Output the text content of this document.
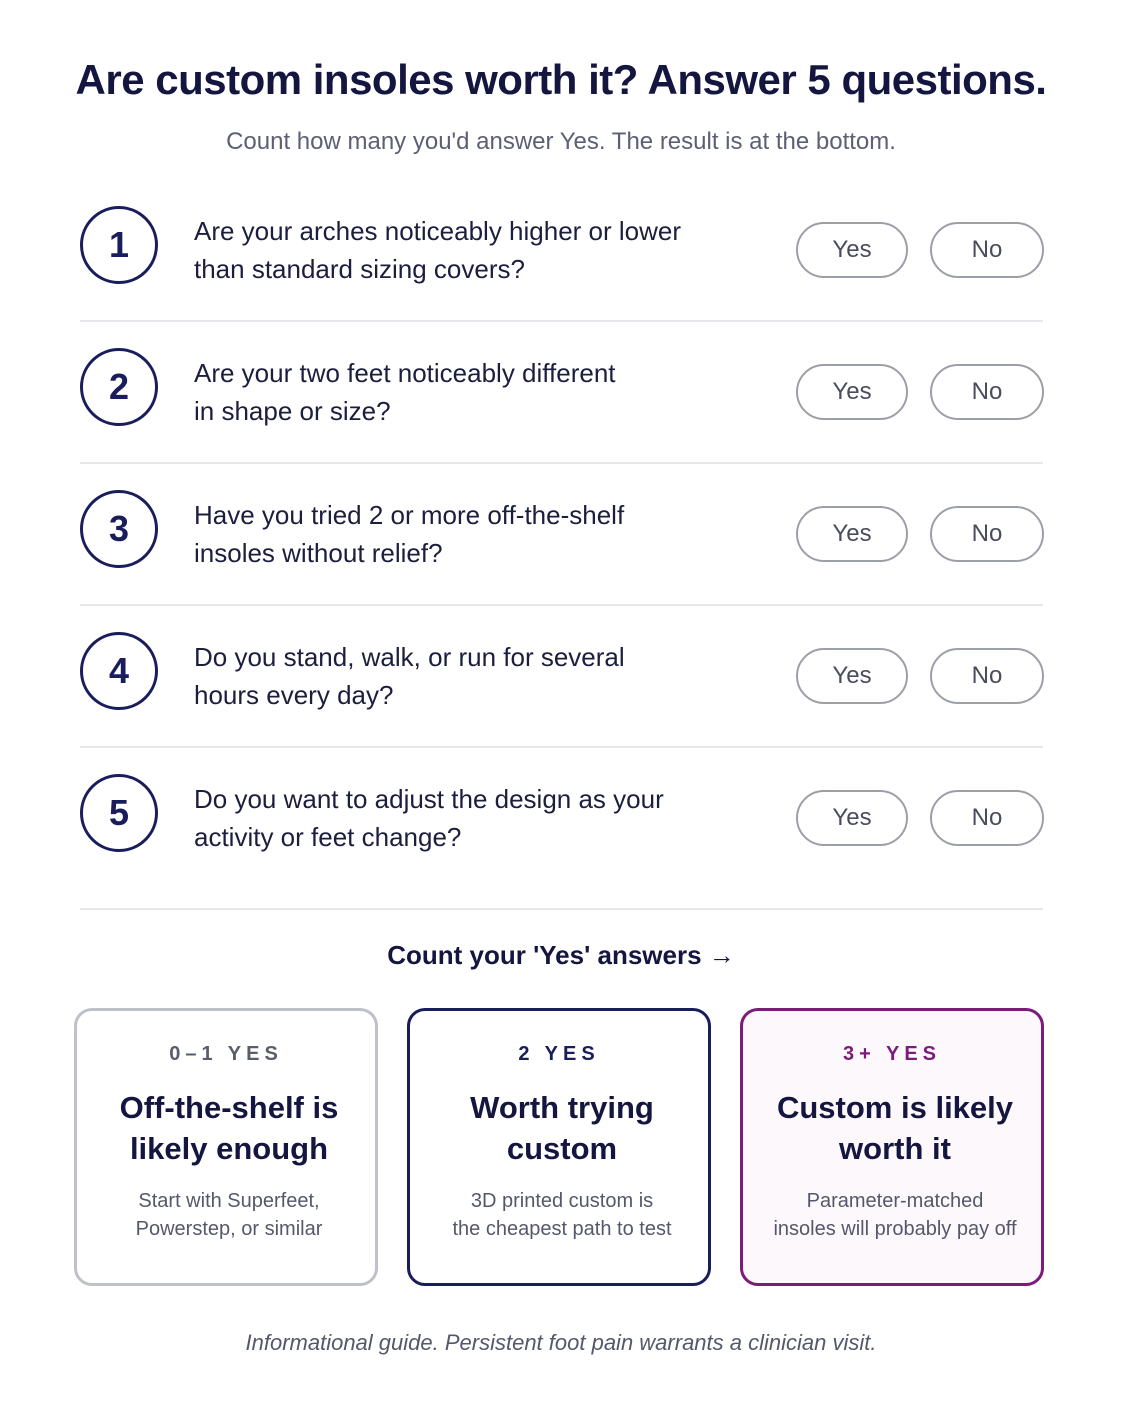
Are custom insoles worth it? Answer 5 questions.
Count how many you'd answer Yes. The result is at the bottom.
1	Are your arches noticeably higher or lower
than standard sizing covers?
Yes	No
2	Are your two feet noticeably different
in shape or size?
Yes	No
3	Have you tried 2 or more off-the-shelf
insoles without relief?
Yes	No
4	Do you stand, walk, or run for several
hours every day?
Yes	No
5	Do you want to adjust the design as your
activity or feet change?
Yes	No
Count your 'Yes' answers →
0–1 YES
Off-the-shelf is
likely enough
Start with Superfeet,
Powerstep, or similar
2 YES
Worth trying
custom
3D printed custom is
the cheapest path to test
3+ YES
Custom is likely
worth it
Parameter-matched
insoles will probably pay off
Informational guide. Persistent foot pain warrants a clinician visit.
